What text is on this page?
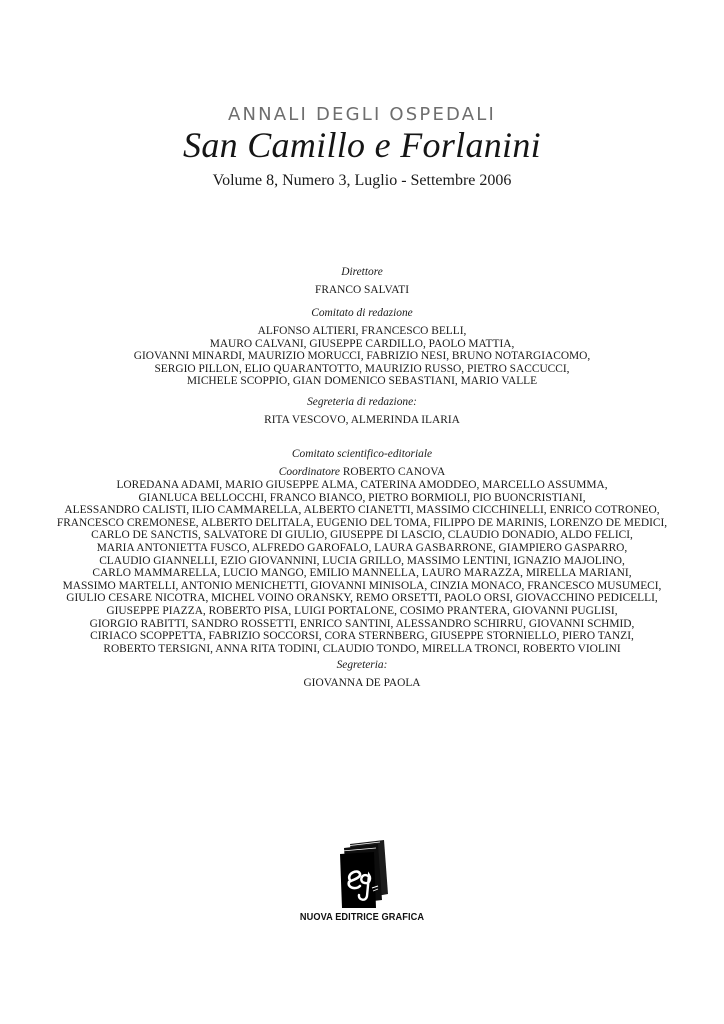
ANNALI DEGLI OSPEDALI
San Camillo e Forlanini
Volume 8, Numero 3, Luglio - Settembre 2006
Direttore
FRANCO SALVATI
Comitato di redazione
ALFONSO ALTIERI, FRANCESCO BELLI,
MAURO CALVANI, GIUSEPPE CARDILLO, PAOLO MATTIA,
GIOVANNI MINARDI, MAURIZIO MORUCCI, FABRIZIO NESI, BRUNO NOTARGIACOMO,
SERGIO PILLON, ELIO QUARANTOTTO, MAURIZIO RUSSO, PIETRO SACCUCCI,
MICHELE SCOPPIO, GIAN DOMENICO SEBASTIANI, MARIO VALLE
Segreteria di redazione:
RITA VESCOVO, ALMERINDA ILARIA
Comitato scientifico-editoriale
Coordinatore ROBERTO CANOVA
LOREDANA ADAMI, MARIO GIUSEPPE ALMA, CATERINA AMODDEO, MARCELLO ASSUMMA,
GIANLUCA BELLOCCHI, FRANCO BIANCO, PIETRO BORMIOLI, PIO BUONCRISTIANI,
ALESSANDRO CALISTI, ILIO CAMMARELLA, ALBERTO CIANETTI, MASSIMO CICCHINELLI, ENRICO COTRONEO,
FRANCESCO CREMONESE, ALBERTO DELITALA, EUGENIO DEL TOMA, FILIPPO DE MARINIS, LORENZO DE MEDICI,
CARLO DE SANCTIS, SALVATORE DI GIULIO, GIUSEPPE DI LASCIO, CLAUDIO DONADIO, ALDO FELICI,
MARIA ANTONIETTA FUSCO, ALFREDO GAROFALO, LAURA GASBARRONE, GIAMPIERO GASPARRO,
CLAUDIO GIANNELLI, EZIO GIOVANNINI, LUCIA GRILLO, MASSIMO LENTINI, IGNAZIO MAJOLINO,
CARLO MAMMARELLA, LUCIO MANGO, EMILIO MANNELLA, LAURO MARAZZA, MIRELLA MARIANI,
MASSIMO MARTELLI, ANTONIO MENICHETTI, GIOVANNI MINISOLA, CINZIA MONACO, FRANCESCO MUSUMECI,
GIULIO CESARE NICOTRA, MICHEL VOINO ORANSKY, REMO ORSETTI, PAOLO ORSI, GIOVACCHINO PEDICELLI,
GIUSEPPE PIAZZA, ROBERTO PISA, LUIGI PORTALONE, COSIMO PRANTERA, GIOVANNI PUGLISI,
GIORGIO RABITTI, SANDRO ROSSETTI, ENRICO SANTINI, ALESSANDRO SCHIRRU, GIOVANNI SCHMID,
CIRIACO SCOPPETTA, FABRIZIO SOCCORSI, CORA STERNBERG, GIUSEPPE STORNIELLO, PIERO TANZI,
ROBERTO TERSIGNI, ANNA RITA TODINI, CLAUDIO TONDO, MIRELLA TRONCI, ROBERTO VIOLINI
Segreteria:
GIOVANNA DE PAOLA
NUOVA EDITRICE GRAFICA
